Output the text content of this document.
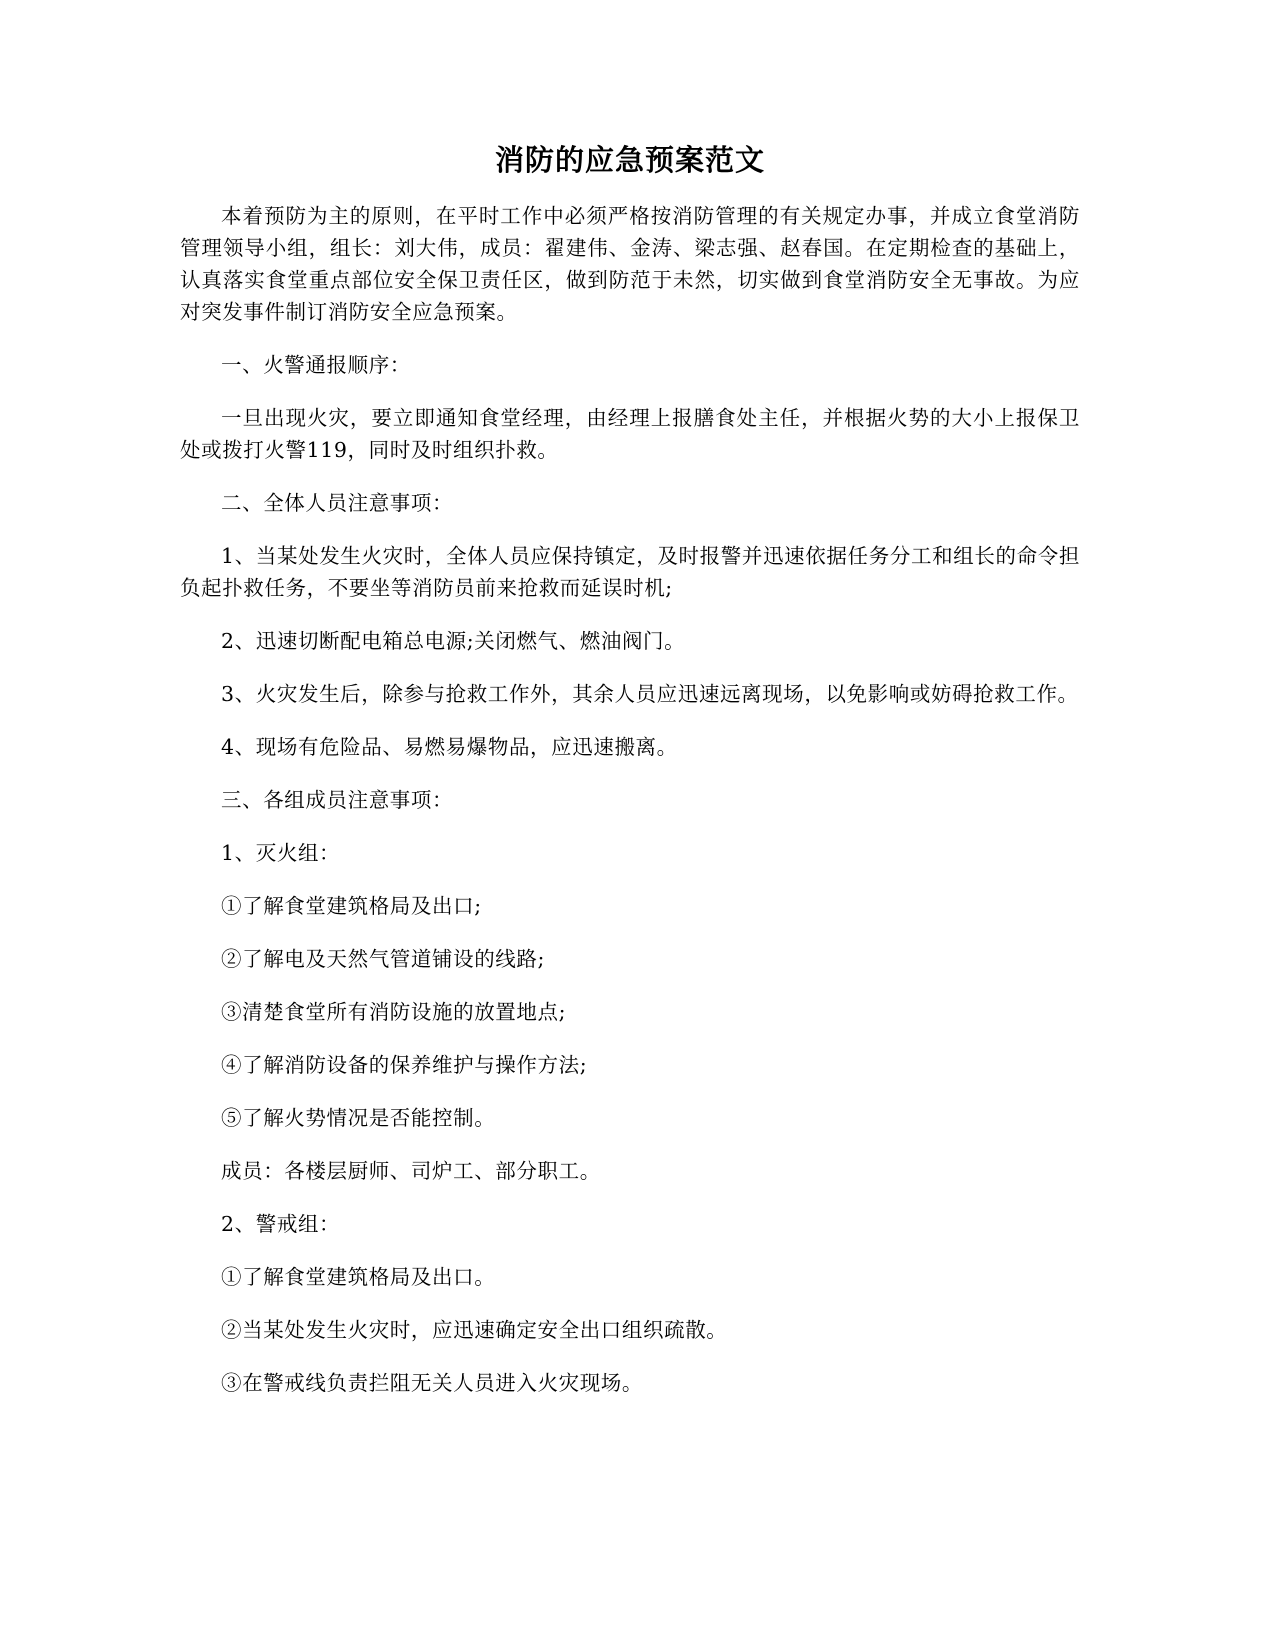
消防的应急预案范文

本着预防为主的原则，在平时工作中必须严格按消防管理的有关规定办事，并成立食堂消防管理领导小组，组长：刘大伟，成员：翟建伟、金涛、梁志强、赵春国。在定期检查的基础上，认真落实食堂重点部位安全保卫责任区，做到防范于未然，切实做到食堂消防安全无事故。为应对突发事件制订消防安全应急预案。

一、火警通报顺序：

一旦出现火灾，要立即通知食堂经理，由经理上报膳食处主任，并根据火势的大小上报保卫处或拨打火警119，同时及时组织扑救。

二、全体人员注意事项：

1、当某处发生火灾时，全体人员应保持镇定，及时报警并迅速依据任务分工和组长的命令担负起扑救任务，不要坐等消防员前来抢救而延误时机;

2、迅速切断配电箱总电源;关闭燃气、燃油阀门。

3、火灾发生后，除参与抢救工作外，其余人员应迅速远离现场，以免影响或妨碍抢救工作。

4、现场有危险品、易燃易爆物品，应迅速搬离。

三、各组成员注意事项：

1、灭火组：

①了解食堂建筑格局及出口;

②了解电及天然气管道铺设的线路;

③清楚食堂所有消防设施的放置地点;

④了解消防设备的保养维护与操作方法;

⑤了解火势情况是否能控制。

成员：各楼层厨师、司炉工、部分职工。

2、警戒组：

①了解食堂建筑格局及出口。

②当某处发生火灾时，应迅速确定安全出口组织疏散。

③在警戒线负责拦阻无关人员进入火灾现场。
